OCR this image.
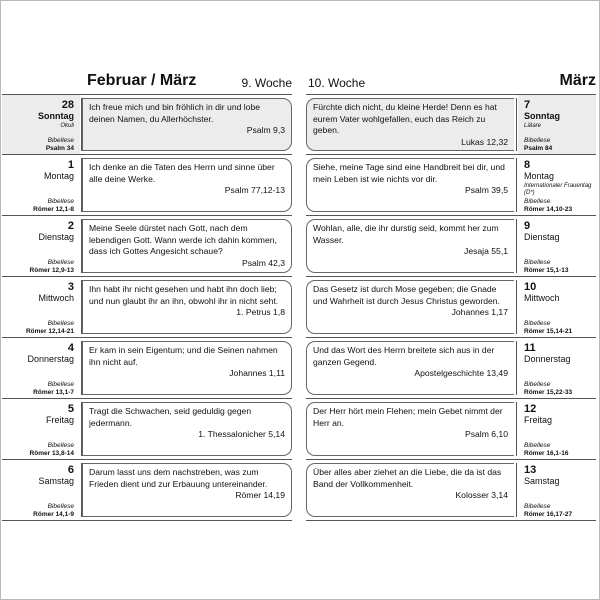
Februar / März	9. Woche
28
Sonntag
Okuli
Bibellese
Psalm 34
Ich freue mich und bin fröhlich in dir und lobe deinen Namen, du Allerhöchster.
Psalm 9,3
1
Montag
Bibellese
Römer 12,1-8
Ich denke an die Taten des Herrn und sinne über alle deine Werke.
Psalm 77,12-13
2
Dienstag
Bibellese
Römer 12,9-13
Meine Seele dürstet nach Gott, nach dem lebendigen Gott. Wann werde ich dahin kommen, dass ich Gottes Angesicht schaue?
Psalm 42,3
3
Mittwoch
Bibellese
Römer 12,14-21
Ihn habt ihr nicht gesehen und habt ihn doch lieb; und nun glaubt ihr an ihn, obwohl ihr in nicht seht.
1. Petrus 1,8
4
Donnerstag
Bibellese
Römer 13,1-7
Er kam in sein Eigentum; und die Seinen nahmen ihn nicht auf.
Johannes 1,11
5
Freitag
Bibellese
Römer 13,8-14
Tragt die Schwachen, seid geduldig gegen jedermann.
1. Thessalonicher 5,14
6
Samstag
Bibellese
Römer 14,1-9
Darum lasst uns dem nachstreben, was zum Frieden dient und zur Erbauung untereinander.
Römer 14,19
10. Woche	März
7
Sonntag
Lätare
Bibellese
Psalm 84
Fürchte dich nicht, du kleine Herde! Denn es hat eurem Vater wohlgefallen, euch das Reich zu geben.
Lukas 12,32
8
Montag
Internationaler Frauentag (D*)
Bibellese
Römer 14,10-23
Siehe, meine Tage sind eine Handbreit bei dir, und mein Leben ist wie nichts vor dir.
Psalm 39,5
9
Dienstag
Bibellese
Römer 15,1-13
Wohlan, alle, die ihr durstig seid, kommt her zum Wasser.
Jesaja 55,1
10
Mittwoch
Bibellese
Römer 15,14-21
Das Gesetz ist durch Mose gegeben; die Gnade und Wahrheit ist durch Jesus Christus geworden.
Johannes 1,17
11
Donnerstag
Bibellese
Römer 15,22-33
Und das Wort des Herrn breitete sich aus in der ganzen Gegend.
Apostelgeschichte 13,49
12
Freitag
Bibellese
Römer 16,1-16
Der Herr hört mein Flehen; mein Gebet nimmt der Herr an.
Psalm 6,10
13
Samstag
Bibellese
Römer 16,17-27
Über alles aber ziehet an die Liebe, die da ist das Band der Vollkommenheit.
Kolosser 3,14
